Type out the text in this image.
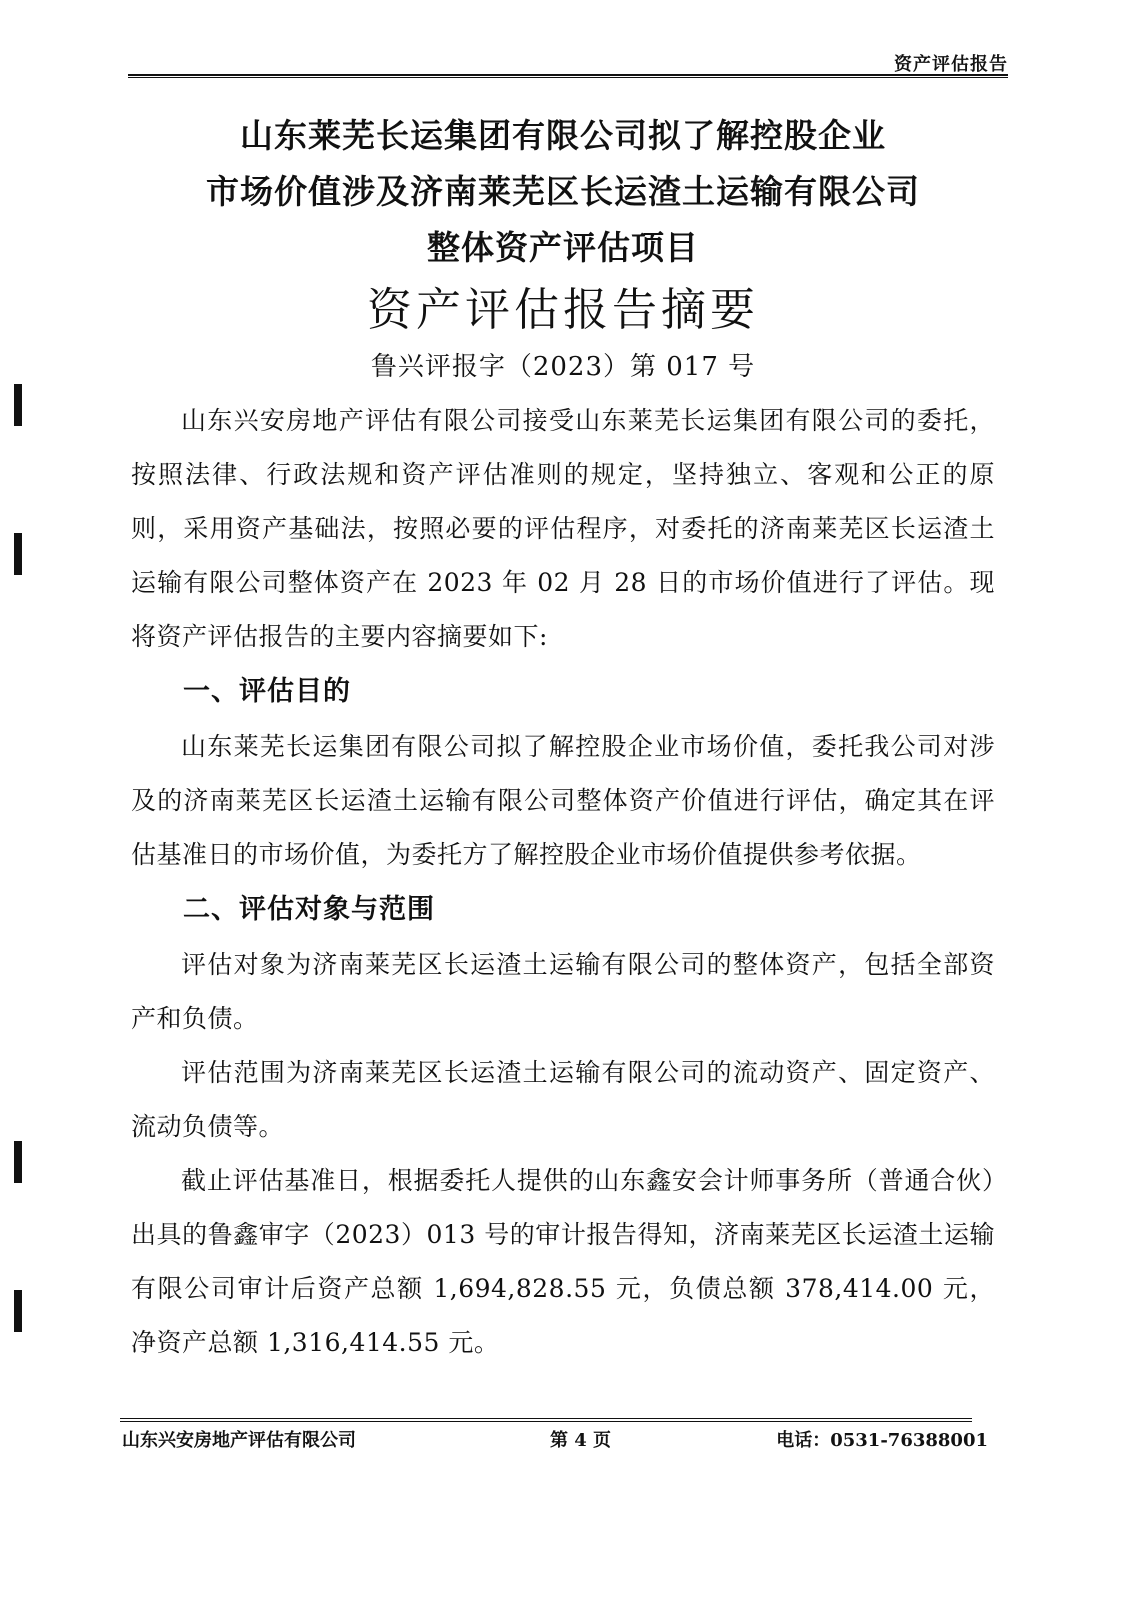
资产评估报告
山东莱芜长运集团有限公司拟了解控股企业
市场价值涉及济南莱芜区长运渣土运输有限公司
整体资产评估项目
资产评估报告摘要
鲁兴评报字（2023）第 017 号

山东兴安房地产评估有限公司接受山东莱芜长运集团有限公司的委托，按照法律、行政法规和资产评估准则的规定，坚持独立、客观和公正的原则，采用资产基础法，按照必要的评估程序，对委托的济南莱芜区长运渣土运输有限公司整体资产在 2023 年 02 月 28 日的市场价值进行了评估。现将资产评估报告的主要内容摘要如下:

一、评估目的

山东莱芜长运集团有限公司拟了解控股企业市场价值，委托我公司对涉及的济南莱芜区长运渣土运输有限公司整体资产价值进行评估，确定其在评估基准日的市场价值，为委托方了解控股企业市场价值提供参考依据。

二、评估对象与范围

评估对象为济南莱芜区长运渣土运输有限公司的整体资产，包括全部资产和负债。

评估范围为济南莱芜区长运渣土运输有限公司的流动资产、固定资产、流动负债等。

截止评估基准日，根据委托人提供的山东鑫安会计师事务所（普通合伙）出具的鲁鑫审字（2023）013 号的审计报告得知，济南莱芜区长运渣土运输有限公司审计后资产总额 1,694,828.55 元，负债总额 378,414.00 元，净资产总额 1,316,414.55 元。

山东兴安房地产评估有限公司	第 4 页	电话：0531-76388001
